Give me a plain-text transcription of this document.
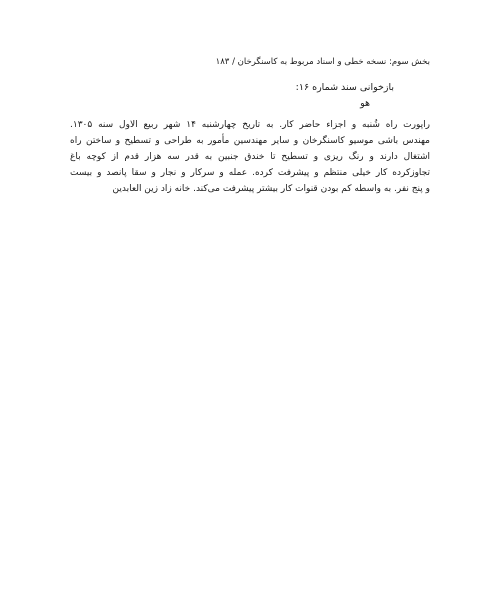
بخش سوم: نسخه خطی و اسناد مربوط به کاسنگرخان / ۱۸۳
بازخوانی سند شماره ۱۶:
هو
راپورت راه شُنبه و اجزاء حاضر کار. به تاریخ چهارشنبه ۱۴ شهر ربیع الاول سنه ۱۳۰۵.
مهندس باشی موسیو کاسنگرخان و سایر مهندسین مأمور به طراحی و تسطیح و ساختن راه
اشتغال دارند و رنگ ریزی و تسطیح تا خندق جنبین به قدر سه هزار قدم از کوچه باغ
تجاوزکرده کار خیلی منتظم و پیشرفت کرده. عمله و سرکار و نجار و سقا پانصد و بیست
و پنج نفر. به واسطه کم بودن قنوات کار بیشتر پیشرفت می‌کند. خانه زاد زین العابدین
